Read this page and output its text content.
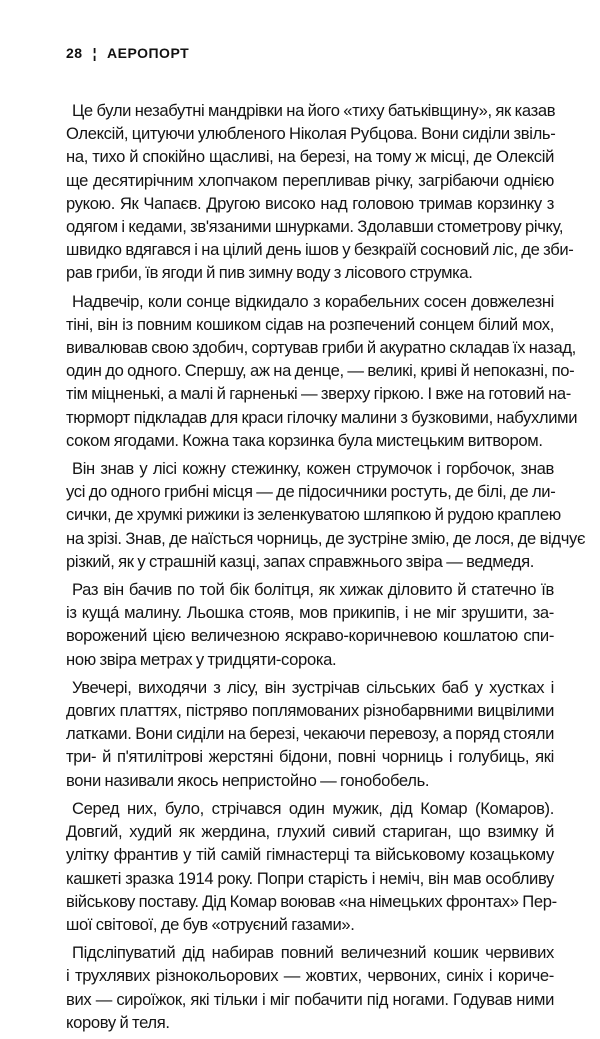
28 ¦ АЕРОПОРТ

Це були незабутні мандрівки на його «тиху батьківщину», як казав
Олексій, цитуючи улюбленого Ніколая Рубцова. Вони сиділи звіль-
на, тихо й спокійно щасливі, на березі, на тому ж місці, де Олексій
ще десятирічним хлопчаком перепливав річку, загрібаючи однією
рукою. Як Чапаєв. Другою високо над головою тримав корзинку з
одягом і кедами, зв'язаними шнурками. Здолавши стометрову річку,
швидко вдягався і на цілий день ішов у безкраїй сосновий ліс, де зби-
рав гриби, їв ягоди й пив зимну воду з лісового струмка.

Надвечір, коли сонце відкидало з корабельних сосен довжелезні
тіні, він із повним кошиком сідав на розпечений сонцем білий мох,
вивалював свою здобич, сортував гриби й акуратно складав їх назад,
один до одного. Спершу, аж на денце, — великі, криві й непоказні, по-
тім міцненькі, а малі й гарненькі — зверху гіркою. І вже на готовий на-
тюрморт підкладав для краси гілочку малини з бузковими, набухлими
соком ягодами. Кожна така корзинка була мистецьким витвором.

Він знав у лісі кожну стежинку, кожен струмочок і горбочок, знав
усі до одного грибні місця — де підосичники ростуть, де білі, де ли-
сички, де хрумкі рижики із зеленкуватою шляпкою й рудою краплею
на зрізі. Знав, де наїсться чорниць, де зустріне змію, де лося, де відчує
різкий, як у страшній казці, запах справжнього звіра — ведмедя.

Раз він бачив по той бік болітця, як хижак діловито й статечно їв
із кущá малину. Льошка стояв, мов прикипів, і не міг зрушити, за-
ворожений цією величезною яскраво-коричневою кошлатою спи-
ною звіра метрах у тридцяти-сорока.

Увечері, виходячи з лісу, він зустрічав сільських баб у хустках і
довгих платтях, пістряво поплямованих різнобарвними вицвілими
латками. Вони сиділи на березі, чекаючи перевозу, а поряд стояли
три- й п'ятилітрові жерстяні бідони, повні чорниць і голубиць, які
вони називали якось непристойно — гонобобель.

Серед них, було, стрічався один мужик, дід Комар (Комаров).
Довгий, худий як жердина, глухий сивий стариган, що взимку й
улітку франтив у тій самій гімнастерці та військовому козацькому
кашкеті зразка 1914 року. Попри старість і неміч, він мав особливу
військову поставу. Дід Комар воював «на німецьких фронтах» Пер-
шої світової, де був «отруєний газами».

Підсліпуватий дід набирав повний величезний кошик червивих
і трухлявих різнокольорових — жовтих, червоних, синіх і кориче-
вих — сироїжок, які тільки і міг побачити під ногами. Годував ними
корову й теля.
